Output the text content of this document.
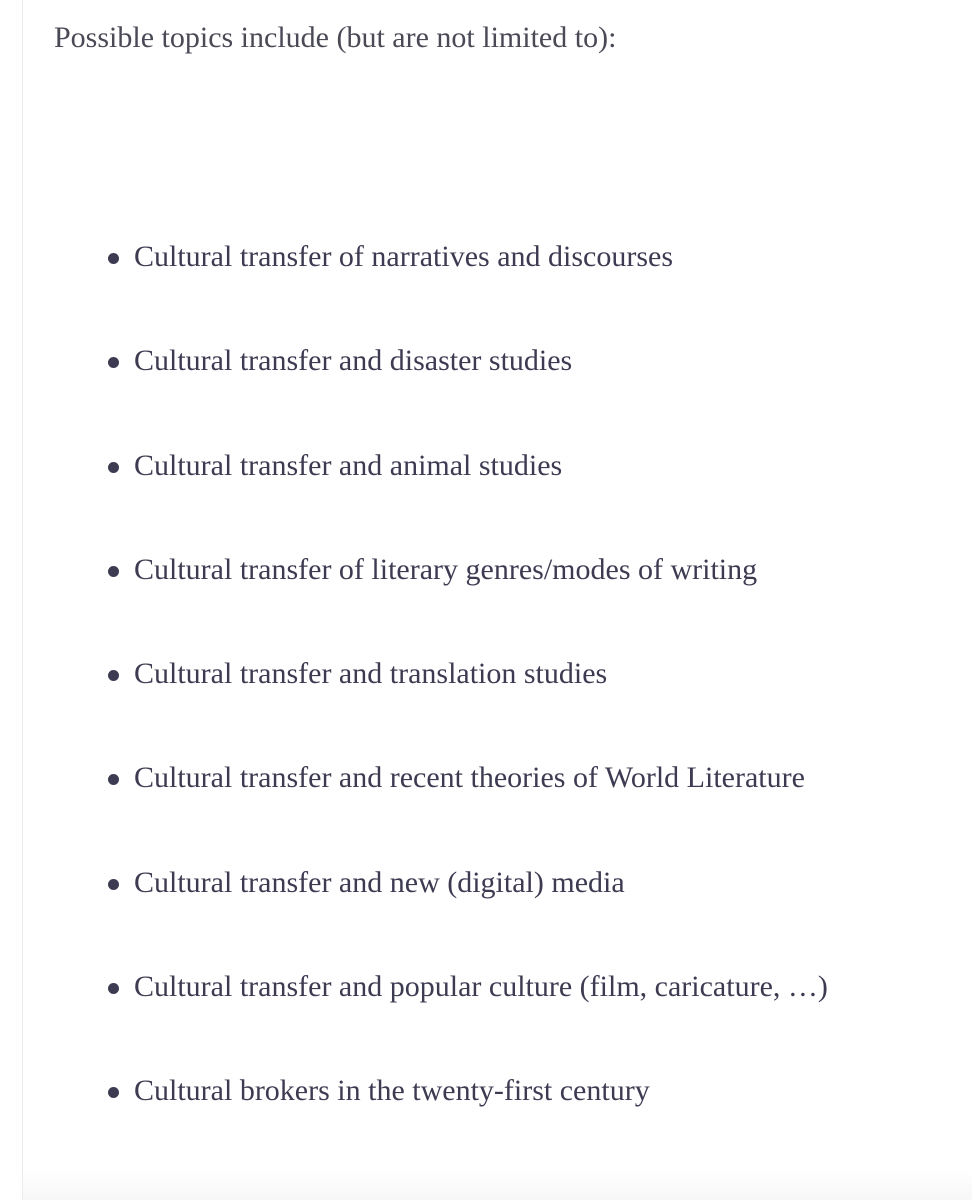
Possible topics include (but are not limited to):

Cultural transfer of narratives and discourses
Cultural transfer and disaster studies
Cultural transfer and animal studies
Cultural transfer of literary genres/modes of writing
Cultural transfer and translation studies
Cultural transfer and recent theories of World Literature
Cultural transfer and new (digital) media
Cultural transfer and popular culture (film, caricature, …)
Cultural brokers in the twenty-first century
